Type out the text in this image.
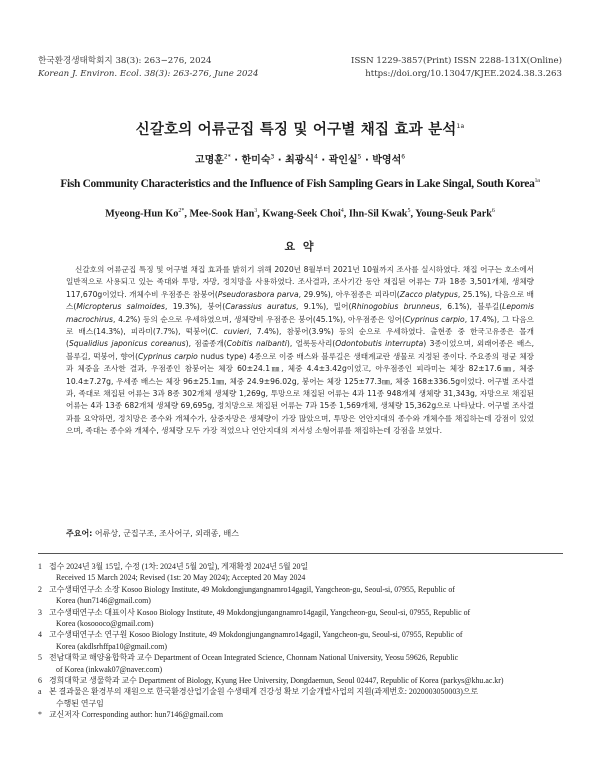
한국환경생태학회지 38(3): 263−276, 2024
Korean J. Environ. Ecol. 38(3): 263-276, June 2024
ISSN 1229-3857(Print) ISSN 2288-131X(Online)
https://doi.org/10.13047/KJEE.2024.38.3.263
신갈호의 어류군집 특징 및 어구별 채집 효과 분석$^{1a}$
고명훈$^{2*}$ · 한미숙$^3$ · 최광식$^4$ · 곽인실$^5$ · 박영석$^6$
Fish Community Characteristics and the Influence of Fish Sampling Gears in Lake Singal, South Korea$^{1a}$
Myeong-Hun $Ko^{2*}$, Mee-Sook Han$^3$, Kwang-Seek Choi$^4$, Ihn-Sil Kwak$^5$, Young-Seuk Park$^6$
요 약
신갈호의 어류군집 특징 및 어구별 채집 효과를 밝히기 위해 2020년 8월부터 2021년 10월까지 조사를 실시하였다. 채집 어구는 호소에서 일반적으로 사용되고 있는 족대와 투망, 자망, 정치망을 사용하였다. 조사결과, 조사기간 동안 채집된 어류는 7과 18종 3,501개체, 생체량 117,670g이었다. 개체수비 우점종은 참붕어(Pseudorasbora parva, 29.9%), 아우점종은 피라미(Zacco platypus, 25.1%), 다음으로 배스(Micropterus salmoides, 19.3%), 붕어(Carassius auratus, 9.1%), 밀어(Rhinogobius brunneus, 6.1%), 블루길(Lepomis macrochirus, 4.2%) 등의 순으로 우세하였으며, 생체량비 우점종은 붕어(45.1%), 아우점종은 잉어(Cyprinus carpio, 17.4%), 그 다음으로 배스(14.3%), 피라미(7.7%), 떡붕어(C. cuvieri, 7.4%), 참붕어(3.9%) 등의 순으로 우세하였다. 출현종 중 한국고유종은 몰개(Squalidius japonicus coreanus), 점줄종개(Cobitis nalbanti), 얼룩동사리(Odontobutis interrupta) 3종이었으며, 외래어종은 배스, 블루길, 떡붕어, 향어(Cyprinus carpio nudus type) 4종으로 이중 배스와 블루길은 생태계교란 생물로 지정된 종이다. 주요종의 평균 체장과 체중을 조사한 결과, 우점종인 참붕어는 체장 60±24.1㎜, 체중 4.4±3.42g이었고, 아우점종인 피라미는 체장 82±17.6㎜, 체중 10.4±7.27g, 우세종 배스는 체장 96±25.1㎜, 체중 24.9±96.02g, 붕어는 체장 125±77.3㎜, 체중 168±336.5g이었다. 어구별 조사결과, 족대로 채집된 어류는 3과 8종 302개체 생체량 1,269g, 투망으로 채집된 어류는 4과 11종 948개체 생체량 31,343g, 자망으로 채집된 어류는 4과 13종 682개체 생체량 69,695g, 정치망으로 채집된 어류는 7과 15종 1,569개체, 생체량 15,362g으로 나타났다. 어구별 조사결과를 요약하면, 정치망은 종수와 개체수가, 삼중자망은 생체량이 가장 많았으며, 투망은 연안지대의 종수와 개체수를 채집하는데 강점이 있었으며, 족대는 종수와 개체수, 생체량 모두 가장 적었으나 연안지대의 저서성 소형어류를 채집하는데 강점을 보였다.
주요어: 어류상, 군집구조, 조사어구, 외래종, 배스
1 접수 2024년 3월 15일, 수정 (1차: 2024년 5월 20일), 게재확정 2024년 5월 20일
Received 15 March 2024; Revised (1st: 20 May 2024); Accepted 20 May 2024
2 고수생태연구소 소장 Kosoo Biology Institute, 49 Mokdongjungangnamro14gagil, Yangcheon-gu, Seoul-si, 07955, Republic of
Korea (hun7146@gmail.com)
3 고수생태연구소 대표이사 Kosoo Biology Institute, 49 Mokdongjungangnamro14gagil, Yangcheon-gu, Seoul-si, 07955, Republic of
Korea (kosoooco@gmail.com)
4 고수생태연구소 연구원 Kosoo Biology Institute, 49 Mokdongjungangnamro14gagil, Yangcheon-gu, Seoul-si, 07955, Republic of
Korea (akdlsrhffpa10@gmail.com)
5 전남대학교 해양융합학과 교수 Department of Ocean Integrated Science, Chonnam National University, Yeosu 59626, Republic
of Korea (inkwak07@naver.com)
6 경희대학교 생물학과 교수 Department of Biology, Kyung Hee University, Dongdaemun, Seoul 02447, Republic of Korea (parkys@khu.ac.kr)
a 본 결과물은 환경부의 재원으로 한국환경산업기술원 수생태계 건강성 확보 기술개발사업의 지원(과제번호: 2020003050003)으로
수행된 연구임
* 교신저자 Corresponding author: hun7146@gmail.com
